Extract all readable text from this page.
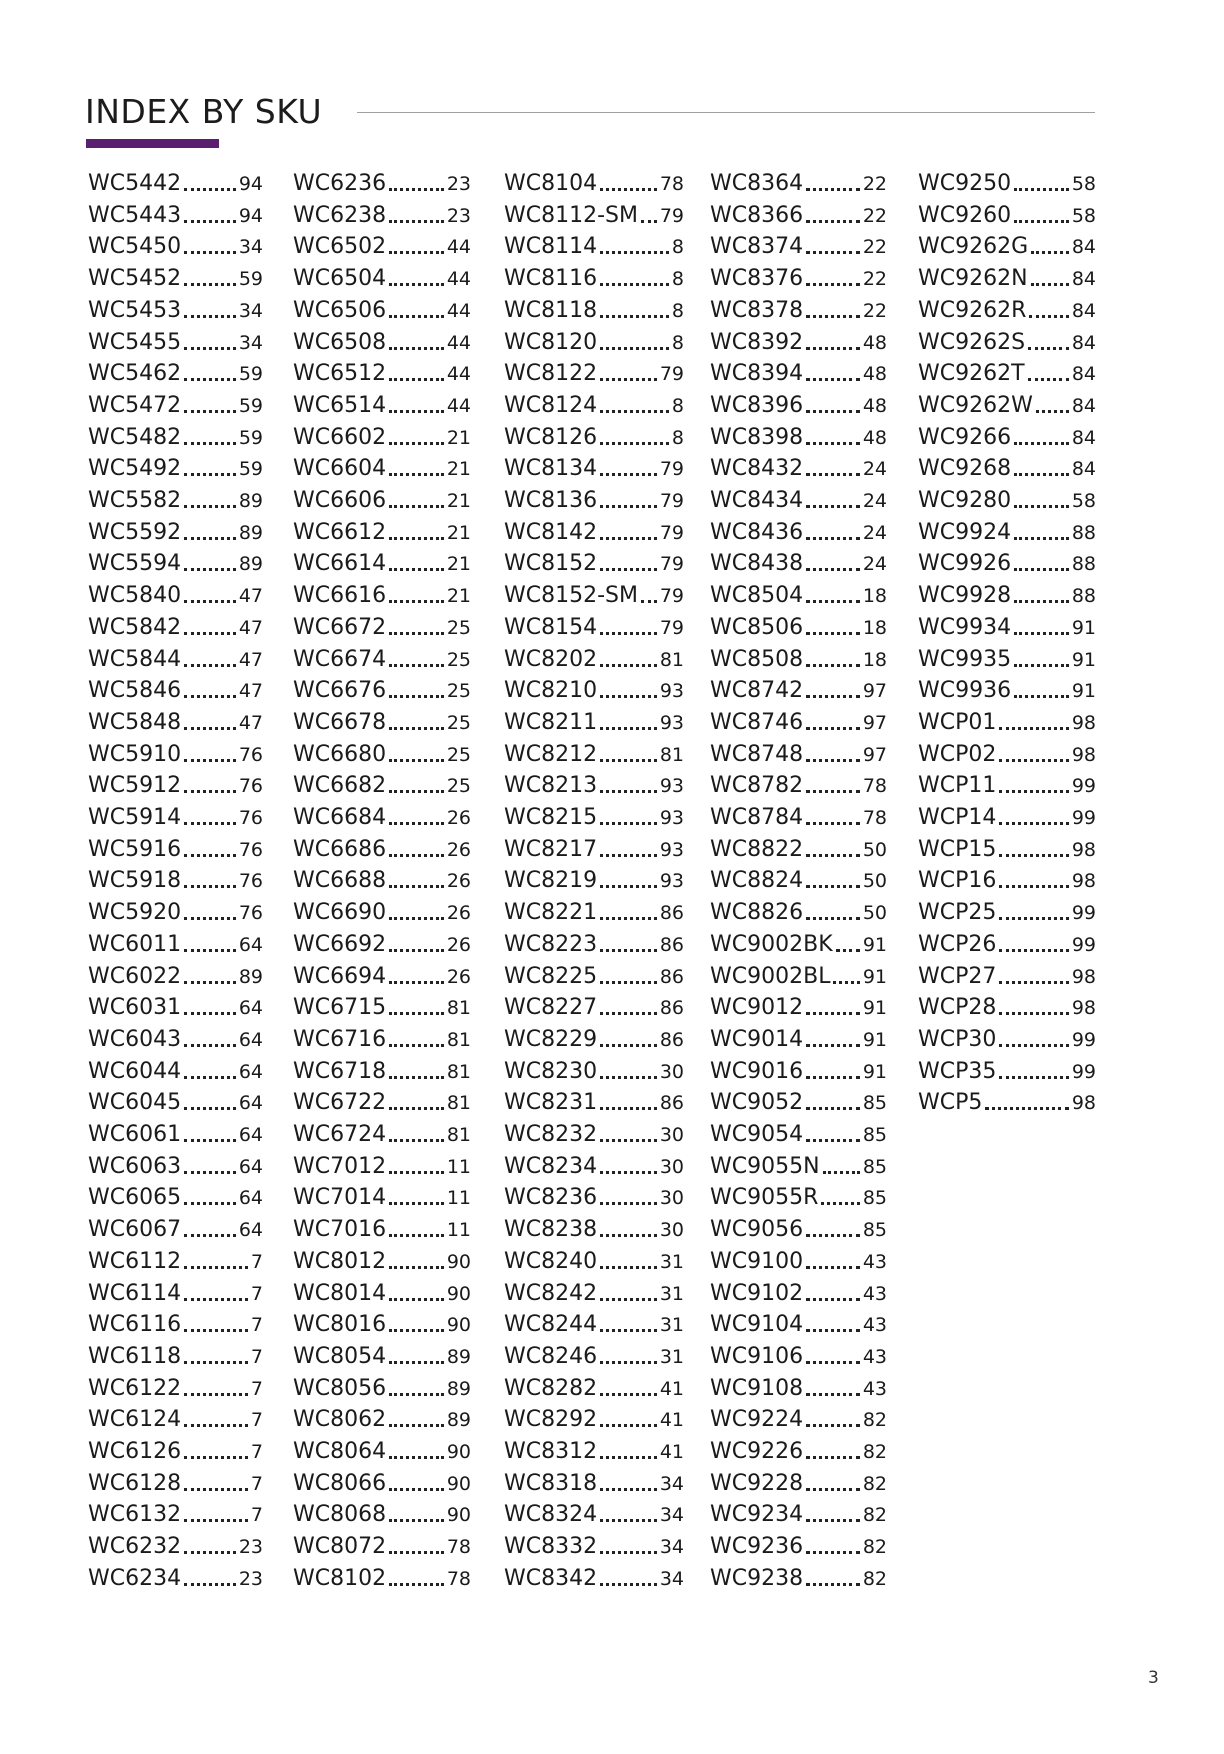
INDEX BY SKU
WC5442	94
WC5443	94
WC5450	34
WC5452	59
WC5453	34
WC5455	34
WC5462	59
WC5472	59
WC5482	59
WC5492	59
WC5582	89
WC5592	89
WC5594	89
WC5840	47
WC5842	47
WC5844	47
WC5846	47
WC5848	47
WC5910	76
WC5912	76
WC5914	76
WC5916	76
WC5918	76
WC5920	76
WC6011	64
WC6022	89
WC6031	64
WC6043	64
WC6044	64
WC6045	64
WC6061	64
WC6063	64
WC6065	64
WC6067	64
WC6112	7
WC6114	7
WC6116	7
WC6118	7
WC6122	7
WC6124	7
WC6126	7
WC6128	7
WC6132	7
WC6232	23
WC6234	23
WC6236	23
WC6238	23
WC6502	44
WC6504	44
WC6506	44
WC6508	44
WC6512	44
WC6514	44
WC6602	21
WC6604	21
WC6606	21
WC6612	21
WC6614	21
WC6616	21
WC6672	25
WC6674	25
WC6676	25
WC6678	25
WC6680	25
WC6682	25
WC6684	26
WC6686	26
WC6688	26
WC6690	26
WC6692	26
WC6694	26
WC6715	81
WC6716	81
WC6718	81
WC6722	81
WC6724	81
WC7012	11
WC7014	11
WC7016	11
WC8012	90
WC8014	90
WC8016	90
WC8054	89
WC8056	89
WC8062	89
WC8064	90
WC8066	90
WC8068	90
WC8072	78
WC8102	78
WC8104	78
WC8112-SM 79
WC8114	8
WC8116	8
WC8118	8
WC8120	8
WC8122	79
WC8124	8
WC8126	8
WC8134	79
WC8136	79
WC8142	79
WC8152	79
WC8152-SM 79
WC8154	79
WC8202	81
WC8210	93
WC8211	93
WC8212	81
WC8213	93
WC8215	93
WC8217	93
WC8219	93
WC8221	86
WC8223	86
WC8225	86
WC8227	86
WC8229	86
WC8230	30
WC8231	86
WC8232	30
WC8234	30
WC8236	30
WC8238	30
WC8240	31
WC8242	31
WC8244	31
WC8246	31
WC8282	41
WC8292	41
WC8312	41
WC8318	34
WC8324	34
WC8332	34
WC8342	34
WC8364	22
WC8366	22
WC8374	22
WC8376	22
WC8378	22
WC8392	48
WC8394	48
WC8396	48
WC8398	48
WC8432	24
WC8434	24
WC8436	24
WC8438	24
WC8504	18
WC8506	18
WC8508	18
WC8742	97
WC8746	97
WC8748	97
WC8782	78
WC8784	78
WC8822	50
WC8824	50
WC8826	50
WC9002BK 91
WC9002BL 91
WC9012	91
WC9014	91
WC9016	91
WC9052	85
WC9054	85
WC9055N 85
WC9055R 85
WC9056	85
WC9100	43
WC9102	43
WC9104	43
WC9106	43
WC9108	43
WC9224	82
WC9226	82
WC9228	82
WC9234	82
WC9236	82
WC9238	82
WC9250	58
WC9260	58
WC9262G 84
WC9262N 84
WC9262R 84
WC9262S 84
WC9262T 84
WC9262W 84
WC9266	84
WC9268	84
WC9280	58
WC9924	88
WC9926	88
WC9928	88
WC9934	91
WC9935	91
WC9936	91
WCP01	98
WCP02	98
WCP11	99
WCP14	99
WCP15	98
WCP16	98
WCP25	99
WCP26	99
WCP27	98
WCP28	98
WCP30	99
WCP35	99
WCP5	98
3
